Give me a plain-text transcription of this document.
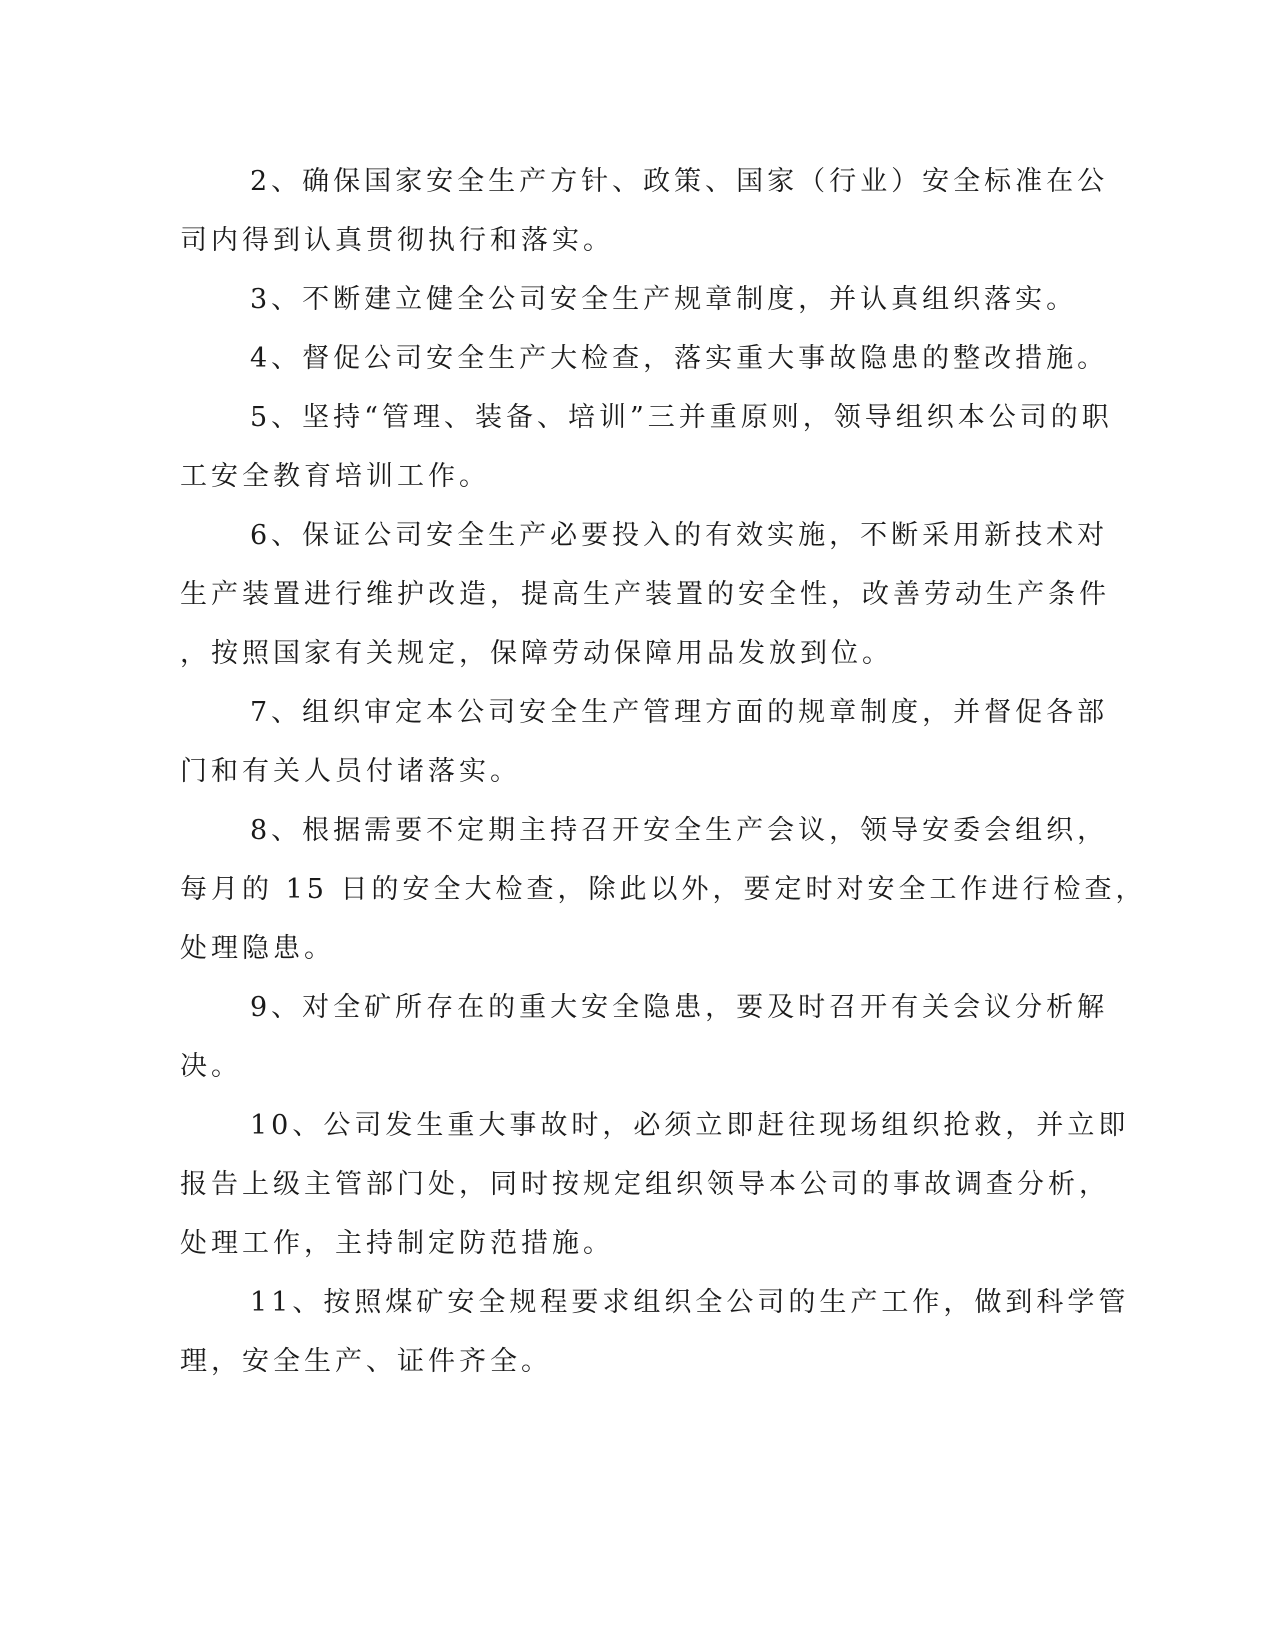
2、确保国家安全生产方针、政策、国家（行业）安全标准在公
司内得到认真贯彻执行和落实。
3、不断建立健全公司安全生产规章制度，并认真组织落实。
4、督促公司安全生产大检查，落实重大事故隐患的整改措施。
5、坚持“管理、装备、培训”三并重原则，领导组织本公司的职
工安全教育培训工作。
6、保证公司安全生产必要投入的有效实施，不断采用新技术对
生产装置进行维护改造，提高生产装置的安全性，改善劳动生产条件
，按照国家有关规定，保障劳动保障用品发放到位。
7、组织审定本公司安全生产管理方面的规章制度，并督促各部
门和有关人员付诸落实。
8、根据需要不定期主持召开安全生产会议，领导安委会组织，
每月的 15 日的安全大检查，除此以外，要定时对安全工作进行检查，
处理隐患。
9、对全矿所存在的重大安全隐患，要及时召开有关会议分析解
决。
10、公司发生重大事故时，必须立即赶往现场组织抢救，并立即
报告上级主管部门处，同时按规定组织领导本公司的事故调查分析，
处理工作，主持制定防范措施。
11、按照煤矿安全规程要求组织全公司的生产工作，做到科学管
理，安全生产、证件齐全。
